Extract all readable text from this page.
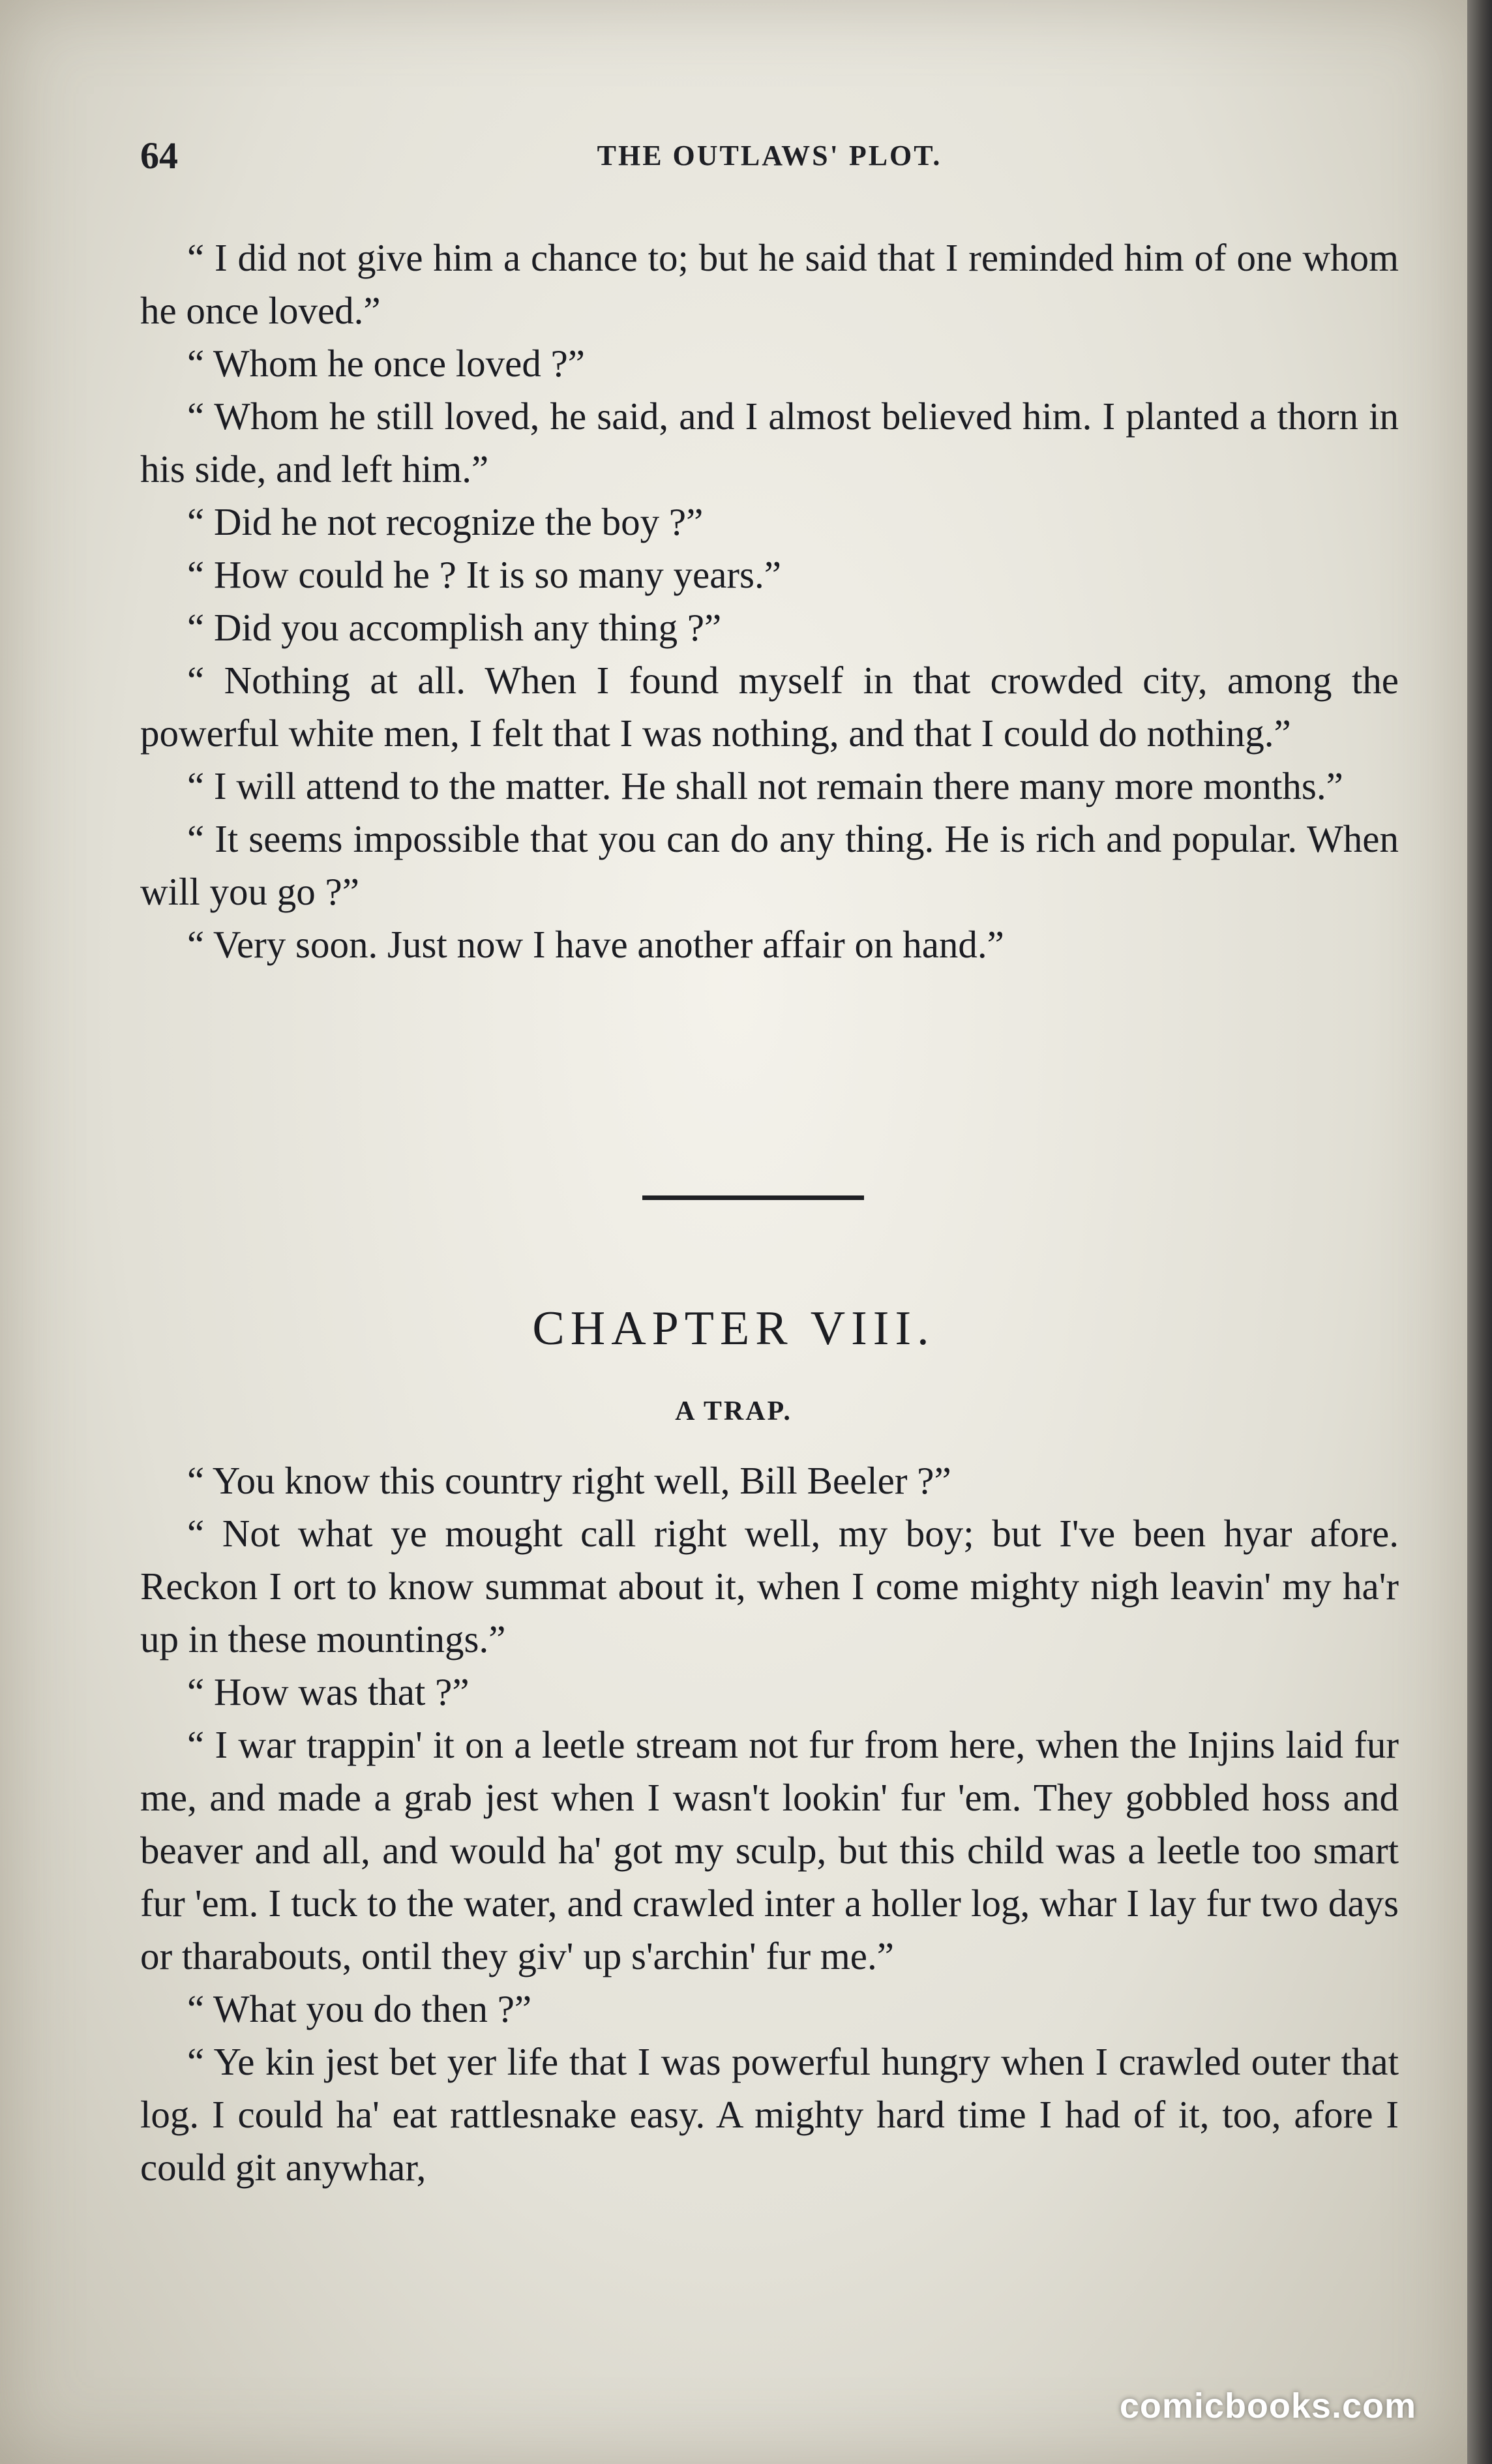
64	THE OUTLAWS' PLOT.

“ I did not give him a chance to; but he said that I reminded him of one whom he once loved.”

“ Whom he once loved ?”

“ Whom he still loved, he said, and I almost believed him. I planted a thorn in his side, and left him.”

“ Did he not recognize the boy ?”

“ How could he ? It is so many years.”

“ Did you accomplish any thing ?”

“ Nothing at all. When I found myself in that crowded city, among the powerful white men, I felt that I was nothing, and that I could do nothing.”

“ I will attend to the matter. He shall not remain there many more months.”

“ It seems impossible that you can do any thing. He is rich and popular. When will you go ?”

“ Very soon. Just now I have another affair on hand.”

CHAPTER VIII.
A TRAP.

“ You know this country right well, Bill Beeler ?”

“ Not what ye mought call right well, my boy; but I've been hyar afore. Reckon I ort to know summat about it, when I come mighty nigh leavin' my ha'r up in these mountings.”

“ How was that ?”

“ I war trappin' it on a leetle stream not fur from here, when the Injins laid fur me, and made a grab jest when I wasn't lookin' fur 'em. They gobbled hoss and beaver and all, and would ha' got my sculp, but this child was a leetle too smart fur 'em. I tuck to the water, and crawled inter a holler log, whar I lay fur two days or tharabouts, ontil they giv' up s'archin' fur me.”

“ What you do then ?”

“ Ye kin jest bet yer life that I was powerful hungry when I crawled outer that log. I could ha' eat rattlesnake easy. A mighty hard time I had of it, too, afore I could git anywhar,

comicbooks.com
